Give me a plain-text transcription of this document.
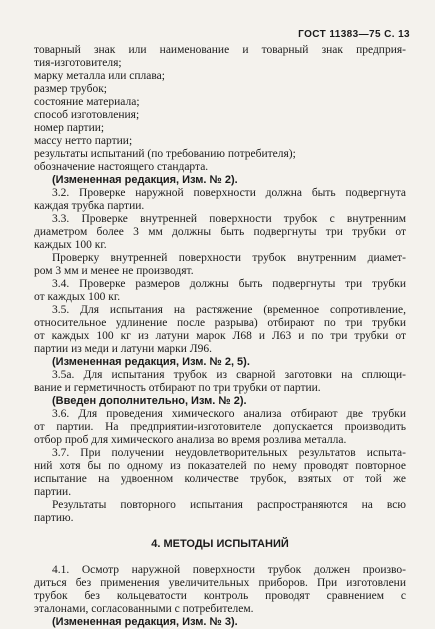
ГОСТ 11383—75 С. 13
товарный знак или наименование и товарный знак предприя-
тия-изготовителя;
марку металла или сплава;
размер трубок;
состояние материала;
способ изготовления;
номер партии;
массу нетто партии;
результаты испытаний (по требованию потребителя);
обозначение настоящего стандарта.
(Измененная редакция, Изм. № 2).
3.2. Проверке наружной поверхности должна быть подвергнута
каждая трубка партии.
3.3. Проверке внутренней поверхности трубок с внутренним
диаметром более 3 мм должны быть подвергнуты три трубки от
каждых 100 кг.
Проверку внутренней поверхности трубок внутренним диамет-
ром 3 мм и менее не производят.
3.4. Проверке размеров должны быть подвергнуты три трубки
от каждых 100 кг.
3.5. Для испытания на растяжение (временное сопротивление,
относительное удлинение после разрыва) отбирают по три трубки
от каждых 100 кг из латуни марок Л68 и Л63 и по три трубки от
партии из меди и латуни марки Л96.
(Измененная редакция, Изм. № 2, 5).
3.5а. Для испытания трубок из сварной заготовки на сплющи-
вание и герметичность отбирают по три трубки от партии.
(Введен дополнительно, Изм. № 2).
3.6. Для проведения химического анализа отбирают две трубки
от партии. На предприятии-изготовителе допускается производить
отбор проб для химического анализа во время розлива металла.
3.7. При получении неудовлетворительных результатов испыта-
ний хотя бы по одному из показателей по нему проводят повторное
испытание на удвоенном количестве трубок, взятых от той же
партии.
Результаты повторного испытания распространяются на всю
партию.
4. МЕТОДЫ ИСПЫТАНИЙ
4.1. Осмотр наружной поверхности трубок должен произво-
диться без применения увеличительных приборов. При изготовлени
трубок без кольцеватости контроль проводят сравнением с
эталонами, согласованными с потребителем.
(Измененная редакция, Изм. № 3).
